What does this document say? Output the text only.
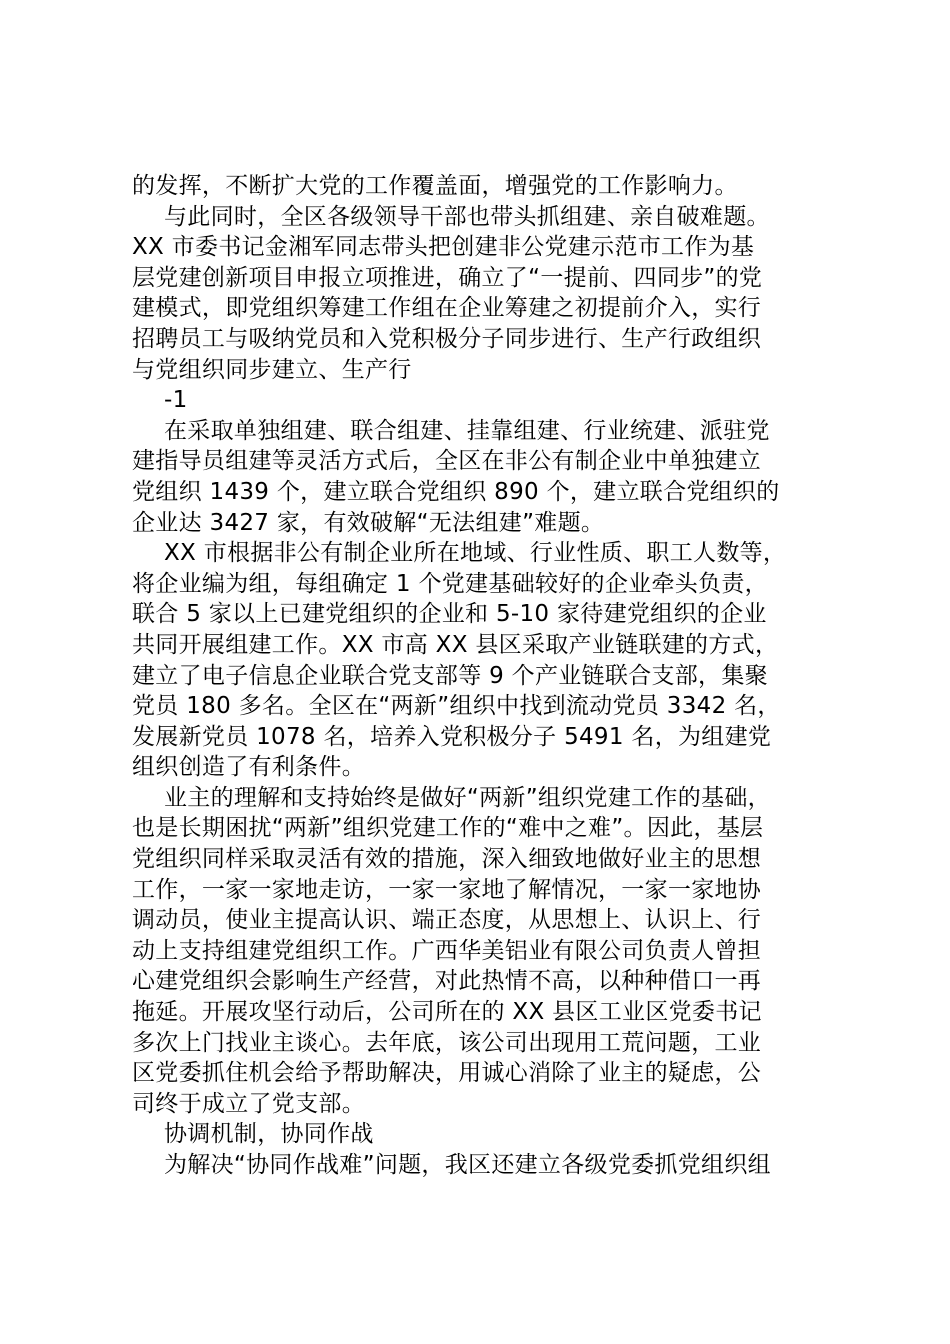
的发挥，不断扩大党的工作覆盖面，增强党的工作影响力。
与此同时，全区各级领导干部也带头抓组建、亲自破难题。
XX 市委书记金湘军同志带头把创建非公党建示范市工作为基
层党建创新项目申报立项推进，确立了“一提前、四同步”的党
建模式，即党组织筹建工作组在企业筹建之初提前介入，实行
招聘员工与吸纳党员和入党积极分子同步进行、生产行政组织
与党组织同步建立、生产行
-1
在采取单独组建、联合组建、挂靠组建、行业统建、派驻党
建指导员组建等灵活方式后，全区在非公有制企业中单独建立
党组织 1439 个，建立联合党组织 890 个，建立联合党组织的
企业达 3427 家，有效破解“无法组建”难题。
XX 市根据非公有制企业所在地域、行业性质、职工人数等，
将企业编为组，每组确定 1 个党建基础较好的企业牵头负责，
联合 5 家以上已建党组织的企业和 5-10 家待建党组织的企业
共同开展组建工作。XX 市高 XX 县区采取产业链联建的方式，
建立了电子信息企业联合党支部等 9 个产业链联合支部，集聚
党员 180 多名。全区在“两新”组织中找到流动党员 3342 名，
发展新党员 1078 名，培养入党积极分子 5491 名，为组建党
组织创造了有利条件。
业主的理解和支持始终是做好“两新”组织党建工作的基础，
也是长期困扰“两新”组织党建工作的“难中之难”。因此，基层
党组织同样采取灵活有效的措施，深入细致地做好业主的思想
工作，一家一家地走访，一家一家地了解情况，一家一家地协
调动员，使业主提高认识、端正态度，从思想上、认识上、行
动上支持组建党组织工作。广西华美铝业有限公司负责人曾担
心建党组织会影响生产经营，对此热情不高，以种种借口一再
拖延。开展攻坚行动后，公司所在的 XX 县区工业区党委书记
多次上门找业主谈心。去年底，该公司出现用工荒问题，工业
区党委抓住机会给予帮助解决，用诚心消除了业主的疑虑，公
司终于成立了党支部。
协调机制，协同作战
为解决“协同作战难”问题，我区还建立各级党委抓党组织组
